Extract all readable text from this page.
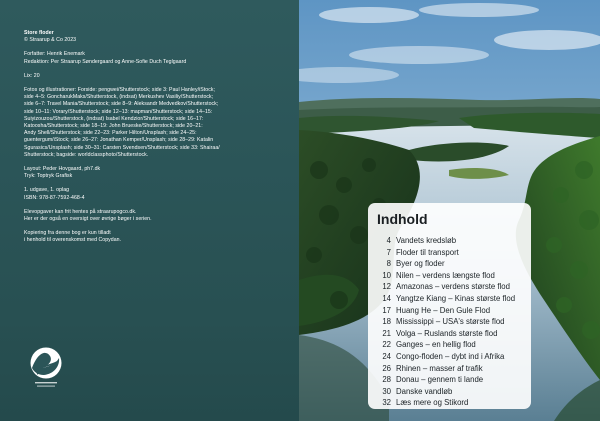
Store floder
© Straarup & Co 2023
Forfatter: Henrik Enemark
Redaktion: Per Straarup Søndergaard og Anne-Sofie Duch Teglgaard
Lix: 20
Fotos og illustrationer: Forside: pengwei/Shutterstock; side 3: Paul Hanley/iStock;
side 4–5: GoncharukMaks/Shutterstock, (indsat) Merkushev Vasiliy/Shutterstock;
side 6–7: Travel Mania/Shutterstock; side 8–9: Aleksandr Medvedkov/Shutterstock;
side 10–11: Vorary/Shutterstock; side 12–13: mapman/Shutterstock; side 14–15:
Suiyizouzou/Shutterstock, (indsat) Isabel Kendzior/Shutterstock; side 16–17:
Katoosha/Shutterstock; side 18–19: John Brueske/Shutterstock; side 20–21:
Andy Shell/Shutterstock; side 22–23: Parker Hilton/Unsplash; side 24–25:
guentergum/iStock; side 26–27: Jonathan Kemper/Unsplash; side 28–29: Katalin
Sgurasics/Unsplash; side 30–31: Carsten Svendsen/Shutterstock; side 33: Shairaa/
Shutterstock; bagside: worldclassphoto/Shutterstock.
Layout: Peder Hovgaard, ph7.dk
Tryk: Toptryk Grafisk
1. udgave, 1. oplag
ISBN: 978-87-7592-468-4
Elevopgaver kan frit hentes på straarupogco.dk.
Her er der også en oversigt over øvrige bøger i serien.
Kopiering fra denne bog er kun tilladt
i henhold til overenskomst med Copydan.
Indhold
4 Vandets kredsløb
7 Floder til transport
8 Byer og floder
10 Nilen – verdens længste flod
12 Amazonas – verdens største flod
14 Yangtze Kiang – Kinas største flod
17 Huang He – Den Gule Flod
18 Mississippi – USA's største flod
21 Volga – Ruslands største flod
22 Ganges – en hellig flod
24 Congo-floden – dybt ind i Afrika
26 Rhinen – masser af trafik
28 Donau – gennem ti lande
30 Danske vandløb
32 Læs mere og Stikord
